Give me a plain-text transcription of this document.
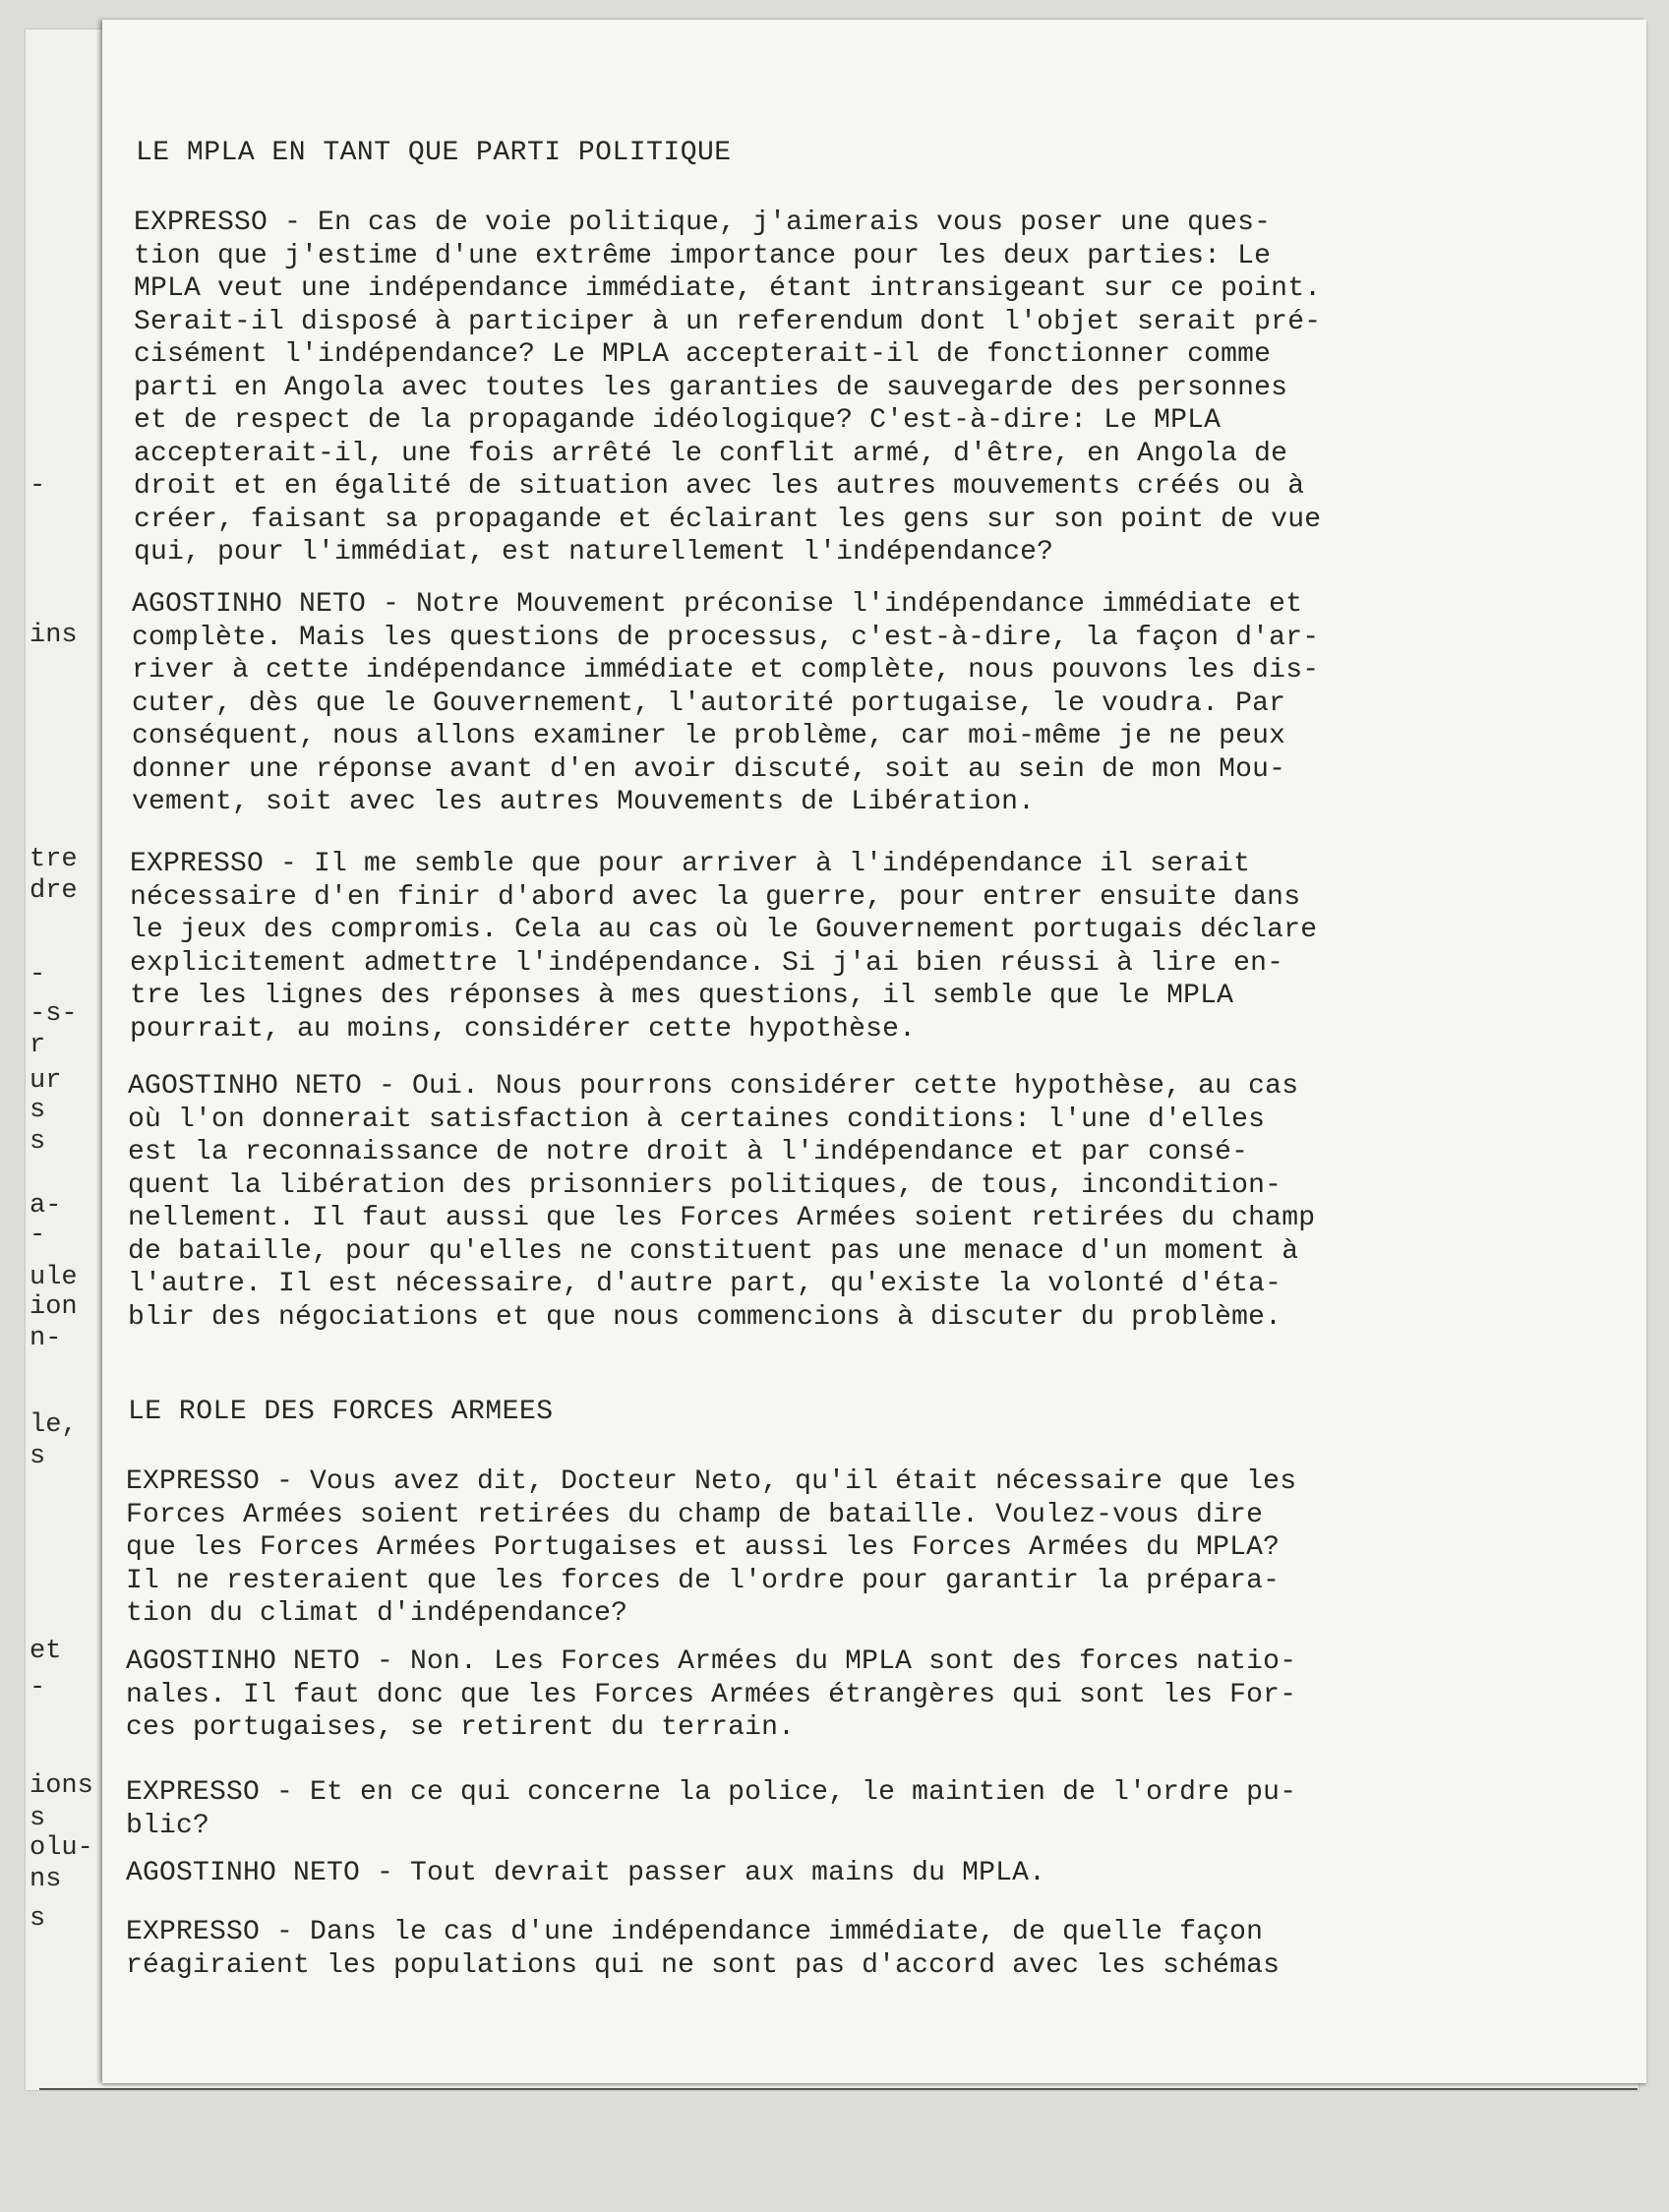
-
ins
tre
dre
-
-s-
r
ur
s
s
a-
-
ule
ion
n-
le,
s
et
-
ions
s
olu-
ns
s
LE MPLA EN TANT QUE PARTI POLITIQUE
EXPRESSO - En cas de voie politique, j'aimerais vous poser une ques-
tion que j'estime d'une extrême importance pour les deux parties: Le
MPLA veut une indépendance immédiate, étant intransigeant sur ce point.
Serait-il disposé à participer à un referendum dont l'objet serait pré-
cisément l'indépendance? Le MPLA accepterait-il de fonctionner comme
parti en Angola avec toutes les garanties de sauvegarde des personnes
et de respect de la propagande idéologique? C'est-à-dire: Le MPLA
accepterait-il, une fois arrêté le conflit armé, d'être, en Angola de
droit et en égalité de situation avec les autres mouvements créés ou à
créer, faisant sa propagande et éclairant les gens sur son point de vue
qui, pour l'immédiat, est naturellement l'indépendance?
AGOSTINHO NETO - Notre Mouvement préconise l'indépendance immédiate et
complète. Mais les questions de processus, c'est-à-dire, la façon d'ar-
river à cette indépendance immédiate et complète, nous pouvons les dis-
cuter, dès que le Gouvernement, l'autorité portugaise, le voudra. Par
conséquent, nous allons examiner le problème, car moi-même je ne peux
donner une réponse avant d'en avoir discuté, soit au sein de mon Mou-
vement, soit avec les autres Mouvements de Libération.
EXPRESSO - Il me semble que pour arriver à l'indépendance il serait
nécessaire d'en finir d'abord avec la guerre, pour entrer ensuite dans
le jeux des compromis. Cela au cas où le Gouvernement portugais déclare
explicitement admettre l'indépendance. Si j'ai bien réussi à lire en-
tre les lignes des réponses à mes questions, il semble que le MPLA
pourrait, au moins, considérer cette hypothèse.
AGOSTINHO NETO - Oui. Nous pourrons considérer cette hypothèse, au cas
où l'on donnerait satisfaction à certaines conditions: l'une d'elles
est la reconnaissance de notre droit à l'indépendance et par consé-
quent la libération des prisonniers politiques, de tous, incondition-
nellement. Il faut aussi que les Forces Armées soient retirées du champ
de bataille, pour qu'elles ne constituent pas une menace d'un moment à
l'autre. Il est nécessaire, d'autre part, qu'existe la volonté d'éta-
blir des négociations et que nous commencions à discuter du problème.
LE ROLE DES FORCES ARMEES
EXPRESSO - Vous avez dit, Docteur Neto, qu'il était nécessaire que les
Forces Armées soient retirées du champ de bataille. Voulez-vous dire
que les Forces Armées Portugaises et aussi les Forces Armées du MPLA?
Il ne resteraient que les forces de l'ordre pour garantir la prépara-
tion du climat d'indépendance?
AGOSTINHO NETO - Non. Les Forces Armées du MPLA sont des forces natio-
nales. Il faut donc que les Forces Armées étrangères qui sont les For-
ces portugaises, se retirent du terrain.
EXPRESSO - Et en ce qui concerne la police, le maintien de l'ordre pu-
blic?
AGOSTINHO NETO - Tout devrait passer aux mains du MPLA.
EXPRESSO - Dans le cas d'une indépendance immédiate, de quelle façon
réagiraient les populations qui ne sont pas d'accord avec les schémas
